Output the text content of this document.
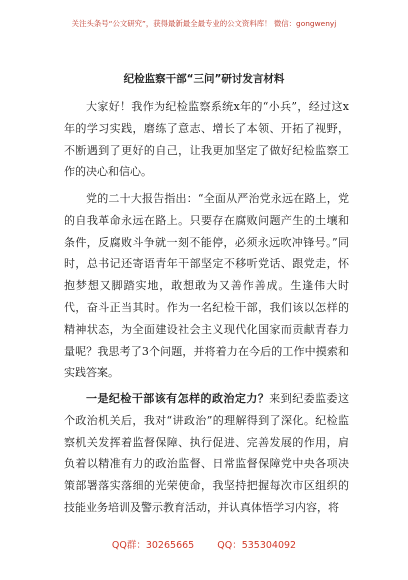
关注头条号“公文研究”，获得最新最全最专业的公文资料库！ 微信：gongwenyj
纪检监察干部“三问”研讨发言材料
大家好！我作为纪检监察系统x年的“小兵”，经过这x年的学习实践，磨练了意志、增长了本领、开拓了视野，不断遇到了更好的自己，让我更加坚定了做好纪检监察工作的决心和信心。
党的二十大报告指出：“全面从严治党永远在路上，党的自我革命永远在路上。只要存在腐败问题产生的土壤和条件，反腐败斗争就一刻不能停，必须永远吹冲锋号。”同时，总书记还寄语青年干部坚定不移听党话、跟党走，怀抱梦想又脚踏实地，敢想敢为又善作善成。生逢伟大时代，奋斗正当其时。作为一名纪检干部，我们该以怎样的精神状态，为全面建设社会主义现代化国家而贡献青春力量呢？我思考了3个问题，并将着力在今后的工作中摸索和实践答案。
一是纪检干部该有怎样的政治定力？来到纪委监委这个政治机关后，我对“讲政治”的理解得到了深化。纪检监察机关发挥着监督保障、执行促进、完善发展的作用，肩负着以精准有力的政治监督、日常监督保障党中央各项决策部署落实落细的光荣使命，我坚持把握每次市区组织的技能业务培训及警示教育活动，并认真体悟学习内容，将
QQ群：30265665 QQ：535304092
